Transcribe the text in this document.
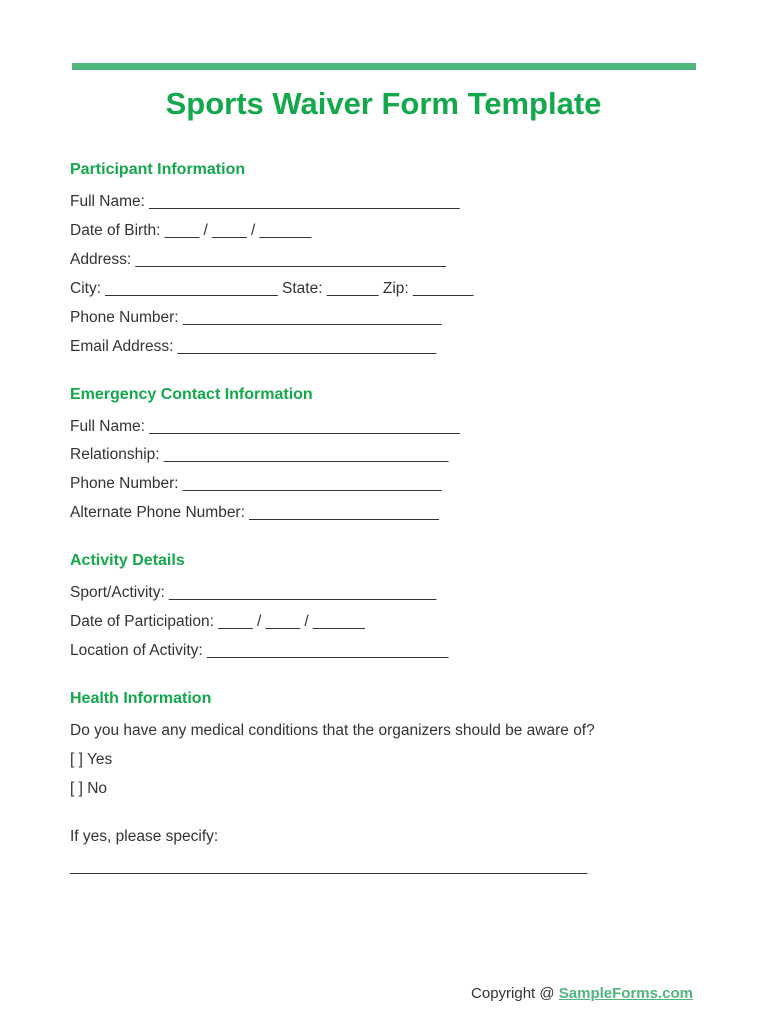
Sports Waiver Form Template
Participant Information
Full Name: ____________________________________
Date of Birth: ____ / ____ / ______
Address: ____________________________________
City: ____________________ State: ______ Zip: _______
Phone Number: ______________________________
Email Address: ______________________________
Emergency Contact Information
Full Name: ____________________________________
Relationship: _________________________________
Phone Number: ______________________________
Alternate Phone Number: ______________________
Activity Details
Sport/Activity: _______________________________
Date of Participation: ____ / ____ / ______
Location of Activity: ____________________________
Health Information
Do you have any medical conditions that the organizers should be aware of?
[ ] Yes
[ ] No
If yes, please specify:
____________________________________________________________
Copyright @ SampleForms.com
